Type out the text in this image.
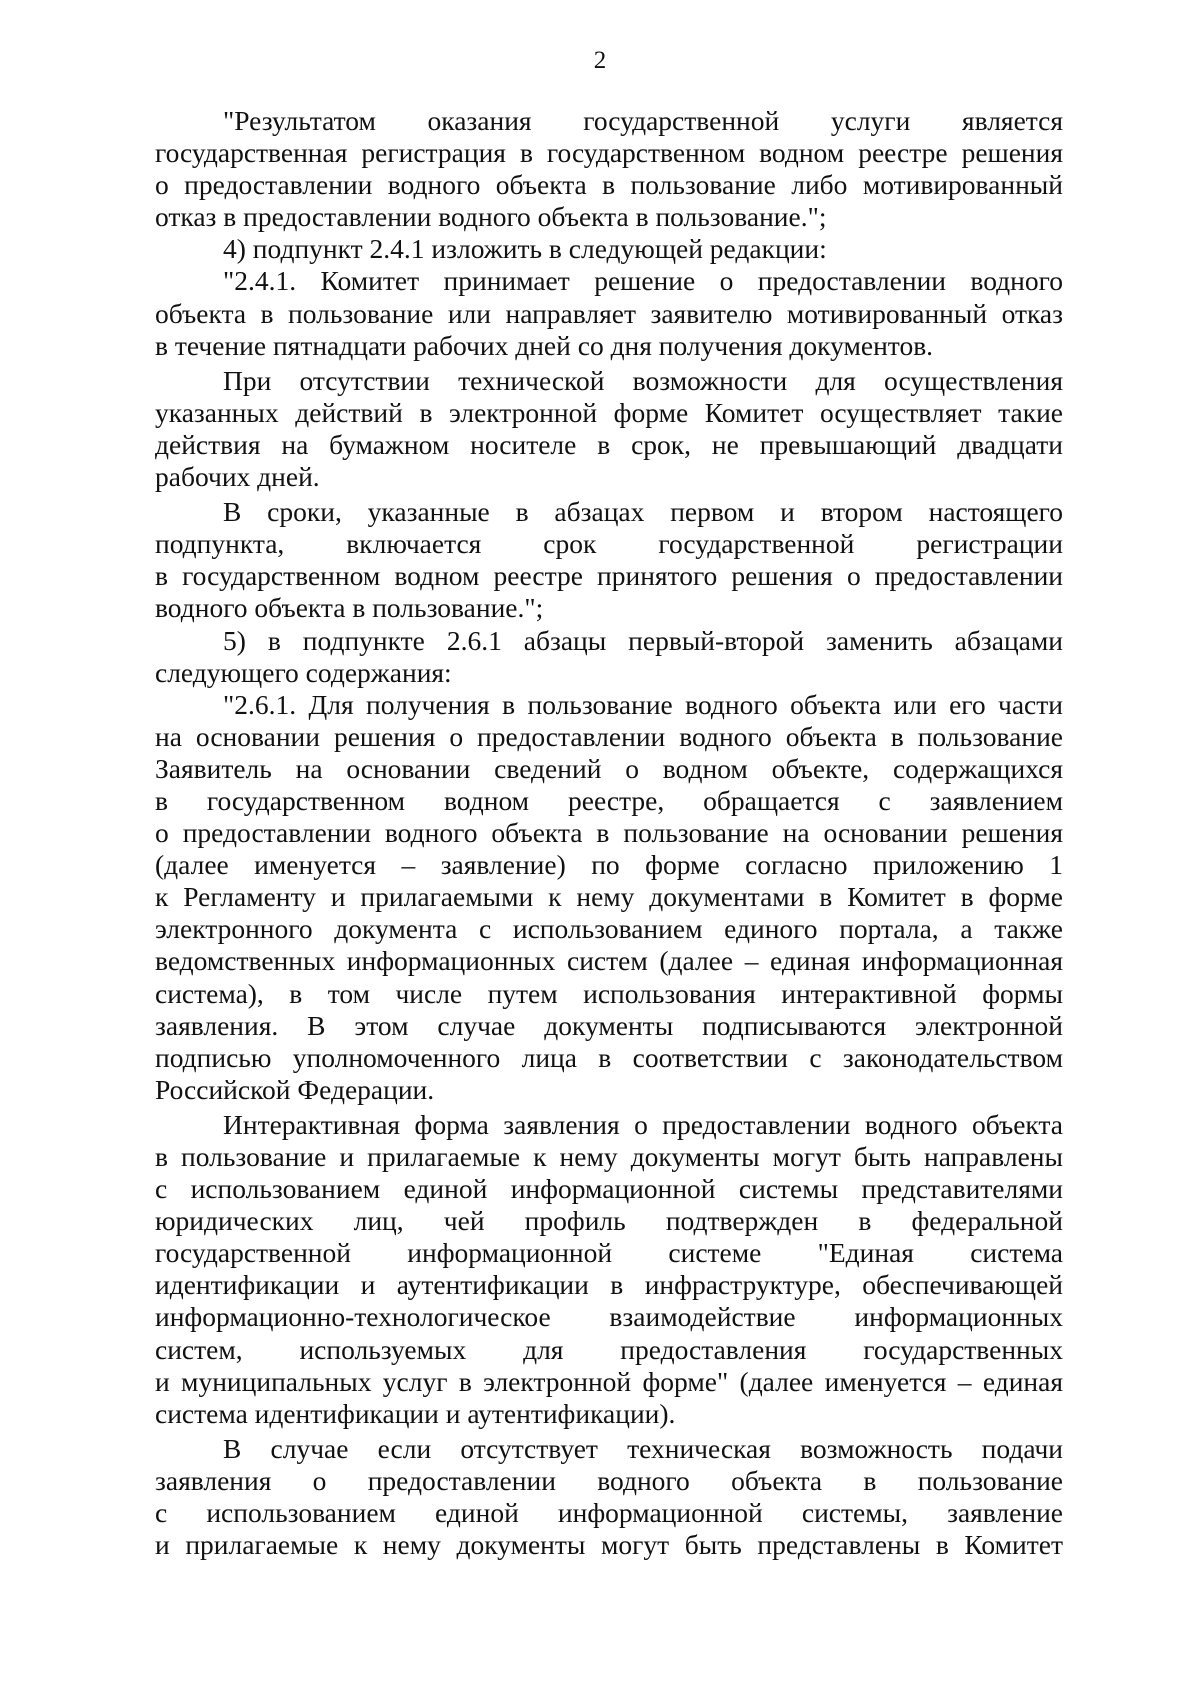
2
"Результатом оказания государственной услуги является
государственная регистрация в государственном водном реестре решения
о предоставлении водного объекта в пользование либо мотивированный
отказ в предоставлении водного объекта в пользование.";
4) подпункт 2.4.1 изложить в следующей редакции:
"2.4.1. Комитет принимает решение о предоставлении водного
объекта в пользование или направляет заявителю мотивированный отказ
в течение пятнадцати рабочих дней со дня получения документов.
При отсутствии технической возможности для осуществления
указанных действий в электронной форме Комитет осуществляет такие
действия на бумажном носителе в срок, не превышающий двадцати
рабочих дней.
В сроки, указанные в абзацах первом и втором настоящего
подпункта, включается срок государственной регистрации
в государственном водном реестре принятого решения о предоставлении
водного объекта в пользование.";
5) в подпункте 2.6.1 абзацы первый-второй заменить абзацами
следующего содержания:
"2.6.1. Для получения в пользование водного объекта или его части
на основании решения о предоставлении водного объекта в пользование
Заявитель на основании сведений о водном объекте, содержащихся
в государственном водном реестре, обращается с заявлением
о предоставлении водного объекта в пользование на основании решения
(далее именуется – заявление) по форме согласно приложению 1
к Регламенту и прилагаемыми к нему документами в Комитет в форме
электронного документа с использованием единого портала, а также
ведомственных информационных систем (далее – единая информационная
система), в том числе путем использования интерактивной формы
заявления. В этом случае документы подписываются электронной
подписью уполномоченного лица в соответствии с законодательством
Российской Федерации.
Интерактивная форма заявления о предоставлении водного объекта
в пользование и прилагаемые к нему документы могут быть направлены
с использованием единой информационной системы представителями
юридических лиц, чей профиль подтвержден в федеральной
государственной информационной системе "Единая система
идентификации и аутентификации в инфраструктуре, обеспечивающей
информационно-технологическое взаимодействие информационных
систем, используемых для предоставления государственных
и муниципальных услуг в электронной форме" (далее именуется – единая
система идентификации и аутентификации).
В случае если отсутствует техническая возможность подачи
заявления о предоставлении водного объекта в пользование
с использованием единой информационной системы, заявление
и прилагаемые к нему документы могут быть представлены в Комитет
